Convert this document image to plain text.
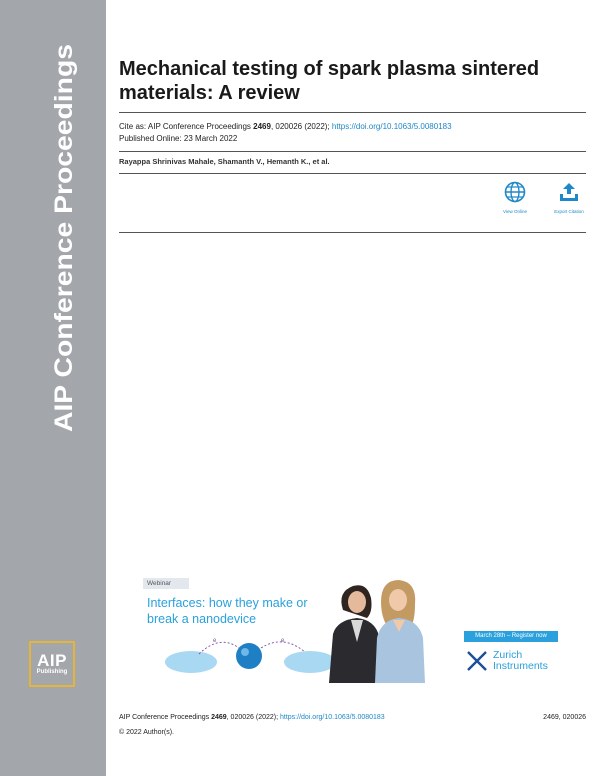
AIP Conference Proceedings
AIP
Publishing
Mechanical testing of spark plasma sintered materials: A review
Cite as: AIP Conference Proceedings 2469, 020026 (2022); https://doi.org/10.1063/5.0080183
Published Online: 23 March 2022
Rayappa Shrinivas Mahale, Shamanth V., Hemanth K., et al.
View Online	Export Citation
Webinar
Interfaces: how they make or break a nanodevice
e	e
March 28th – Register now
Zurich
Instruments
AIP Conference Proceedings 2469, 020026 (2022); https://doi.org/10.1063/5.0080183	2469, 020026
© 2022 Author(s).
